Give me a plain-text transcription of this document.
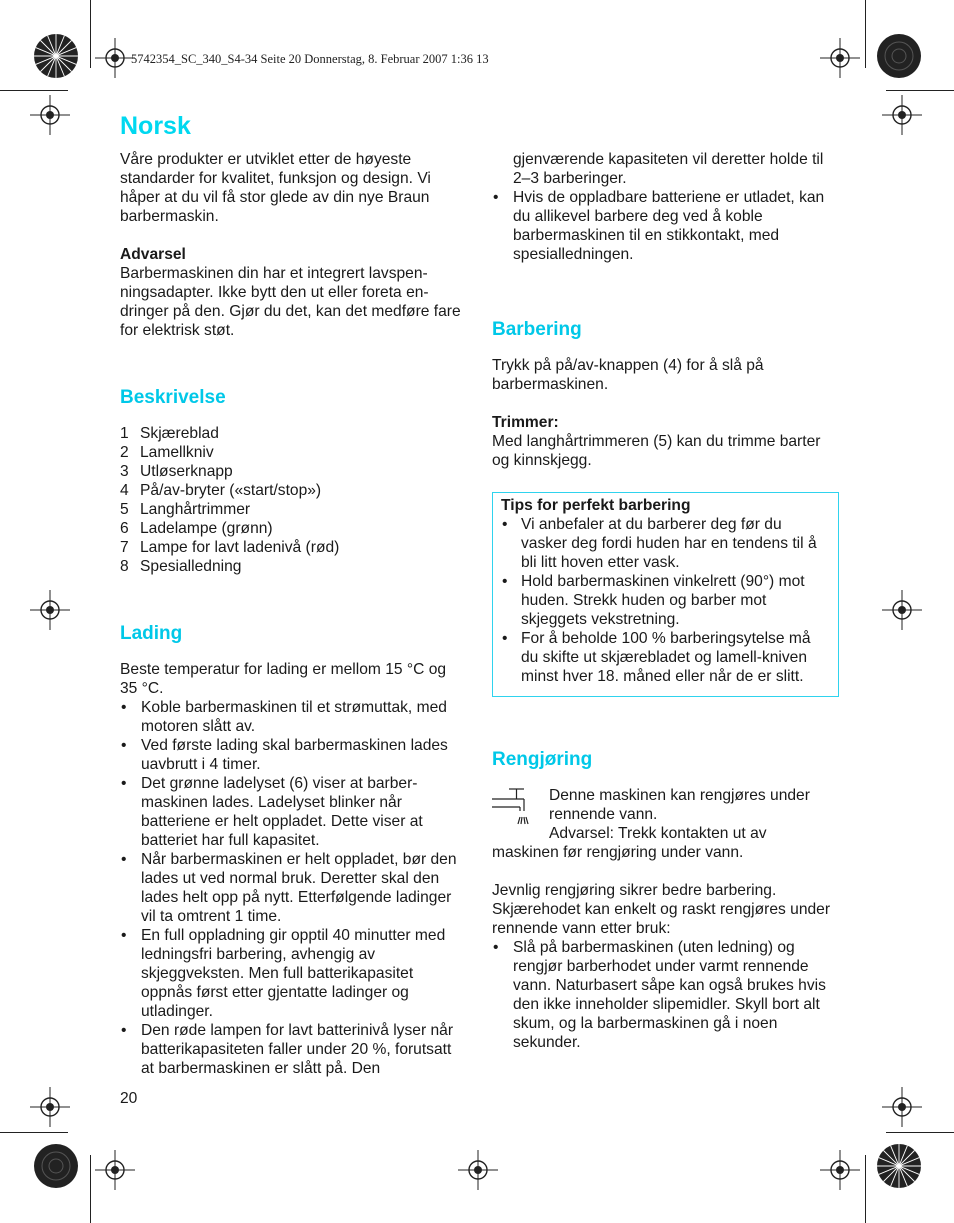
5742354_SC_340_S4-34 Seite 20 Donnerstag, 8. Februar 2007 1:36 13
Norsk

Våre produkter er utviklet etter de høyeste standarder for kvalitet, funksjon og design. Vi håper at du vil få stor glede av din nye Braun barbermaskin.

Advarsel

Barbermaskinen din har et integrert lavspen-ningsadapter. Ikke bytt den ut eller foreta en-dringer på den. Gjør du det, kan det medføre fare for elektrisk støt.

Beskrivelse
1 Skjæreblad
2 Lamellkniv
3 Utløserknapp
4 På/av-bryter («start/stop»)
5 Langhårtrimmer
6 Ladelampe (grønn)
7 Lampe for lavt ladenivå (rød)
8 Spesialledning
Lading

Beste temperatur for lading er mellom 15 °C og 35 °C.

• Koble barbermaskinen til et strømuttak, med motoren slått av.
• Ved første lading skal barbermaskinen lades uavbrutt i 4 timer.
• Det grønne ladelyset (6) viser at barber-maskinen lades. Ladelyset blinker når batteriene er helt oppladet. Dette viser at batteriet har full kapasitet.
• Når barbermaskinen er helt oppladet, bør den lades ut ved normal bruk. Deretter skal den lades helt opp på nytt. Etterfølgende ladinger vil ta omtrent 1 time.
• En full oppladning gir opptil 40 minutter med ledningsfri barbering, avhengig av skjeggveksten. Men full batterikapasitet oppnås først etter gjentatte ladinger og utladinger.
• Den røde lampen for lavt batterinivå lyser når batterikapasiteten faller under 20 %, forutsatt at barbermaskinen er slått på. Den

gjenværende kapasiteten vil deretter holde til 2–3 barberinger.

• Hvis de oppladbare batteriene er utladet, kan du allikevel barbere deg ved å koble barbermaskinen til en stikkontakt, med spesialledningen.
Barbering

Trykk på på/av-knappen (4) for å slå på barbermaskinen.

Trimmer:

Med langhårtrimmeren (5) kan du trimme barter og kinnskjegg.

Tips for perfekt barbering

• Vi anbefaler at du barberer deg før du vasker deg fordi huden har en tendens til å bli litt hoven etter vask.
• Hold barbermaskinen vinkelrett (90°) mot huden. Strekk huden og barber mot skjeggets vekstretning.
• For å beholde 100 % barberingsytelse må du skifte ut skjærebladet og lamell-kniven minst hver 18. måned eller når de er slitt.
Rengjøring

Denne maskinen kan rengjøres under rennende vann.

Advarsel: Trekk kontakten ut av

maskinen før rengjøring under vann.

Jevnlig rengjøring sikrer bedre barbering. Skjærehodet kan enkelt og raskt rengjøres under rennende vann etter bruk:

• Slå på barbermaskinen (uten ledning) og rengjør barberhodet under varmt rennende vann. Naturbasert såpe kan også brukes hvis den ikke inneholder slipemidler. Skyll bort alt skum, og la barbermaskinen gå i noen sekunder.
20
